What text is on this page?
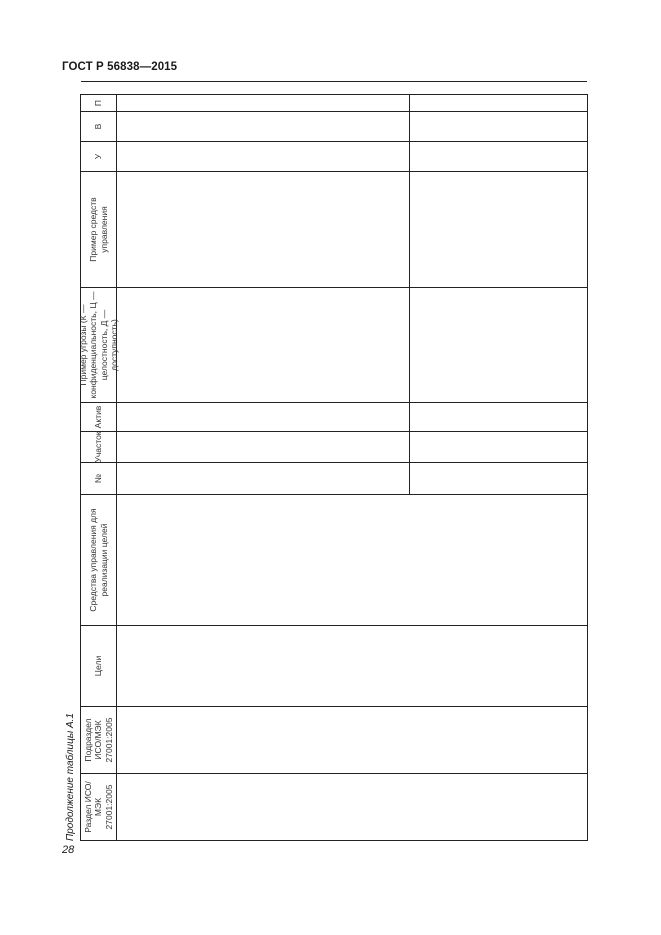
ГОСТ Р 56838—2015
Продолжение таблицы А.1 Раздел ИСО/МЭК 27001:2005
Подраздел ИСО/МЭК 27001:2005
Цели
Средства управления для реализации целей
№
Участок
Актив
Пример угрозы (К — конфиденциальность, Ц — целостность, Д — доступность)
Пример средств управления
У
В
П
28
